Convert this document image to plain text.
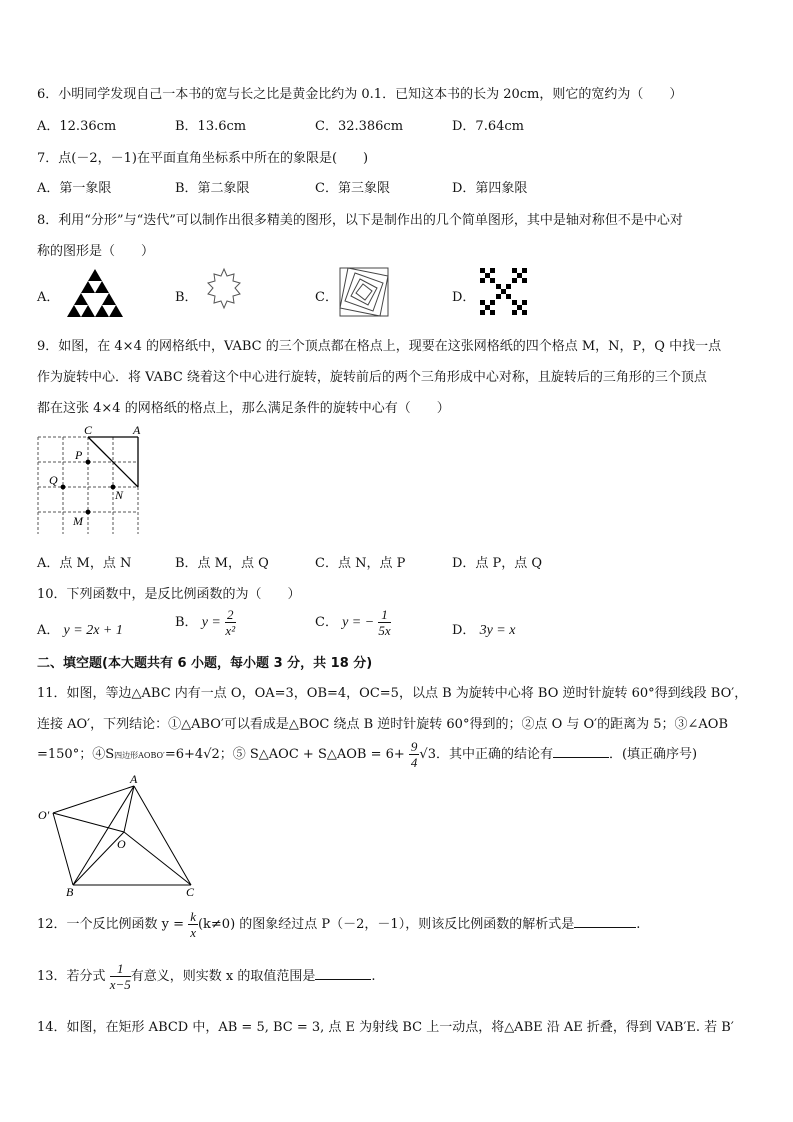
6．小明同学发现自己一本书的宽与长之比是黄金比约为 0.1．已知这本书的长为 20cm，则它的宽约为（　　）
A．12.36cm	B．13.6cm	C．32.386cm	D．7.64cm
7．点(－2，－1)在平面直角坐标系中所在的象限是(　　)
A．第一象限	B．第二象限	C．第三象限	D．第四象限
8．利用“分形”与“迭代”可以制作出很多精美的图形，以下是制作出的几个简单图形，其中是轴对称但不是中心对
称的图形是（　　）
A．	B．	C．	D．
9．如图，在 4×4 的网格纸中，VABC 的三个顶点都在格点上，现要在这张网格纸的四个格点 M，N，P，Q 中找一点
作为旋转中心．将 VABC 绕着这个中心进行旋转，旋转前后的两个三角形成中心对称，且旋转后的三角形的三个顶点
都在这张 4×4 的网格纸的格点上，那么满足条件的旋转中心有（　　）
C	A
P
Q
N
M
A．点 M，点 N	B．点 M，点 Q	C．点 N，点 P	D．点 P，点 Q
10．下列函数中，是反比例函数的为（　　）
A． y = 2x + 1
B． $y = \frac{2}{\text{x²}}$	C． y = − $\frac{1}{5x}$	D． 3y = x
二、填空题(本大题共有 6 小题，每小题 3 分，共 18 分)
11．如图，等边△ABC 内有一点 O，OA=3，OB=4，OC=5，以点 B 为旋转中心将 BO 逆时针旋转 60°得到线段 BO′，
连接 AO′，下列结论：①△ABO′可以看成是△BOC 绕点 B 逆时针旋转 60°得到的；②点 O 与 O′的距离为 5；③∠AOB
=150°；④S四边形AOBO′=6+4√2；⑤ S△AOC + S△AOB = $6+ \frac{9}{4} √3$．其中正确的结论有	．(填正确序号)
A
O′
O
B	C
12．一个反比例函数 $y = \frac{k}{x} (k\ne 0)$ 的图象经过点 P（－2，－1），则该反比例函数的解析式是	.
13．若分式 $\frac{1}{x-5}$ 有意义，则实数 x 的取值范围是	.
14．如图，在矩形 ABCD 中，AB = 5, BC = 3, 点 E 为射线 BC 上一动点，将△ABE 沿 AE 折叠，得到 VAB′E. 若 B′
